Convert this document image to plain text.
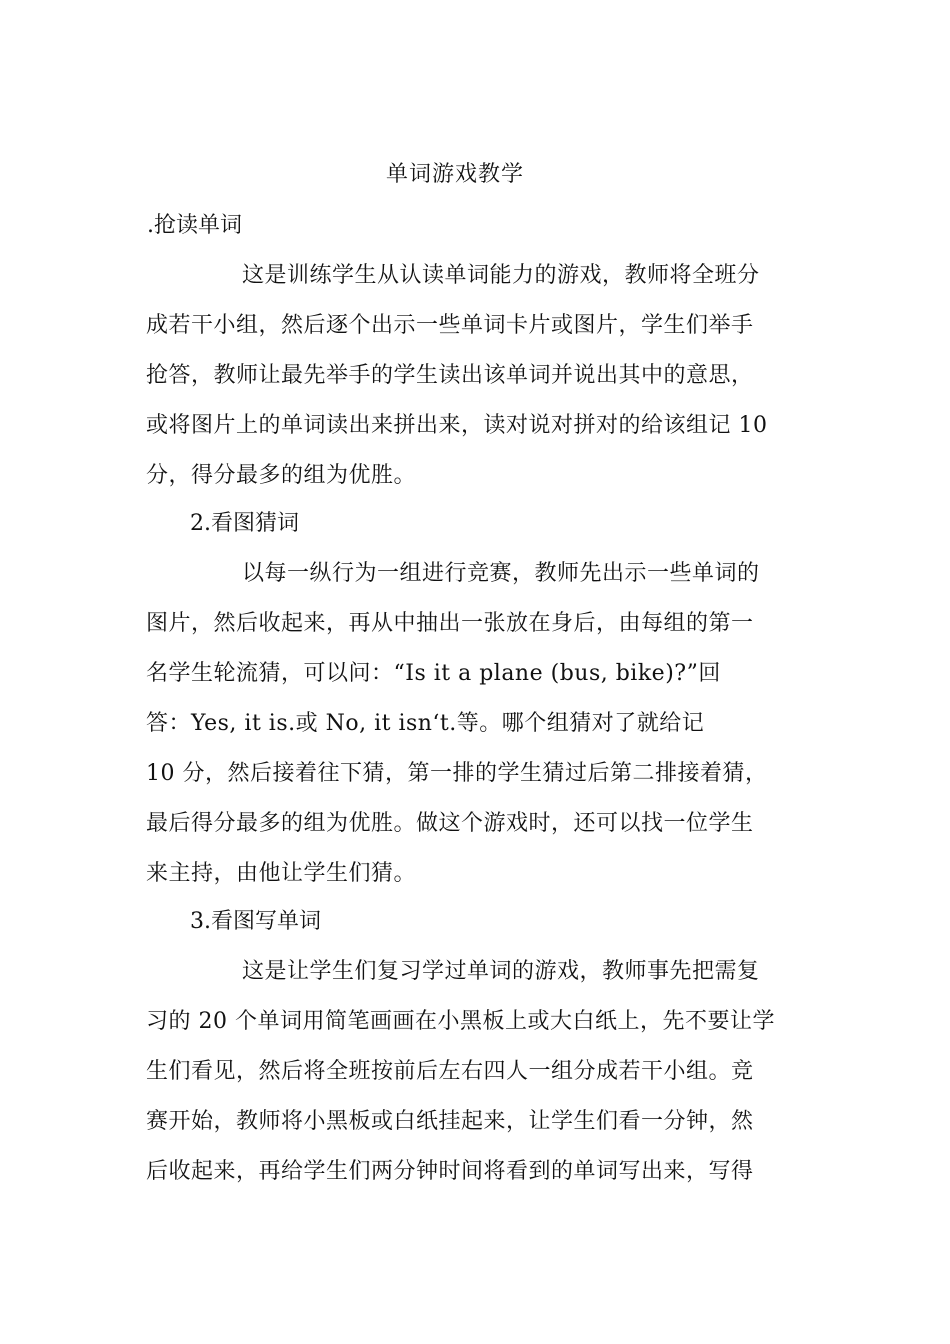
单词游戏教学
.抢读单词
这是训练学生从认读单词能力的游戏，教师将全班分
成若干小组，然后逐个出示一些单词卡片或图片，学生们举手
抢答，教师让最先举手的学生读出该单词并说出其中的意思，
或将图片上的单词读出来拼出来，读对说对拼对的给该组记 10
分，得分最多的组为优胜。
2.看图猜词
以每一纵行为一组进行竞赛，教师先出示一些单词的
图片，然后收起来，再从中抽出一张放在身后，由每组的第一
名学生轮流猜，可以问：“Is it a plane (bus, bike)?”回
答：Yes, it is.或 No, it isn‘t.等。哪个组猜对了就给记
10 分，然后接着往下猜，第一排的学生猜过后第二排接着猜，
最后得分最多的组为优胜。做这个游戏时，还可以找一位学生
来主持，由他让学生们猜。
3.看图写单词
这是让学生们复习学过单词的游戏，教师事先把需复
习的 20 个单词用简笔画画在小黑板上或大白纸上，先不要让学
生们看见，然后将全班按前后左右四人一组分成若干小组。竞
赛开始，教师将小黑板或白纸挂起来，让学生们看一分钟，然
后收起来，再给学生们两分钟时间将看到的单词写出来，写得
